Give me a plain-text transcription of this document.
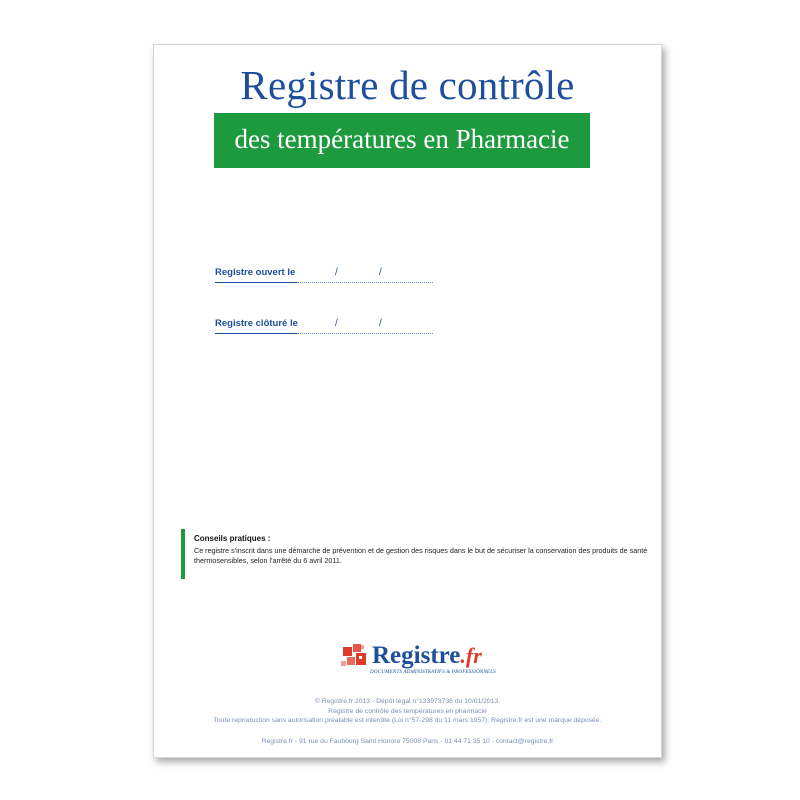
Registre de contrôle
des températures en Pharmacie
Registre ouvert le	/	/
Registre clôturé le	/	/
Conseils pratiques :
Ce registre s'inscrit dans une démarche de prévention et de gestion des risques dans le but de sécuriser la conservation des produits de santé thermosensibles, selon l'arrêté du 6 avril 2011.
Registre.fr
DOCUMENTS ADMINISTRATIFS & PROFESSIONNELS
© Registre.fr 2013 - Dépôt légal n°133973736 du 10/01/2013.
Registre de contrôle des températures en pharmacie
Toute reproduction sans autorisation préalable est interdite (Loi n°57-298 du 11 mars 1957). Registre.fr est une marque déposée.
Registre.fr - 91 rue du Faubourg Saint Honoré 75008 Paris - 01 44 71 35 10 - contact@registre.fr
